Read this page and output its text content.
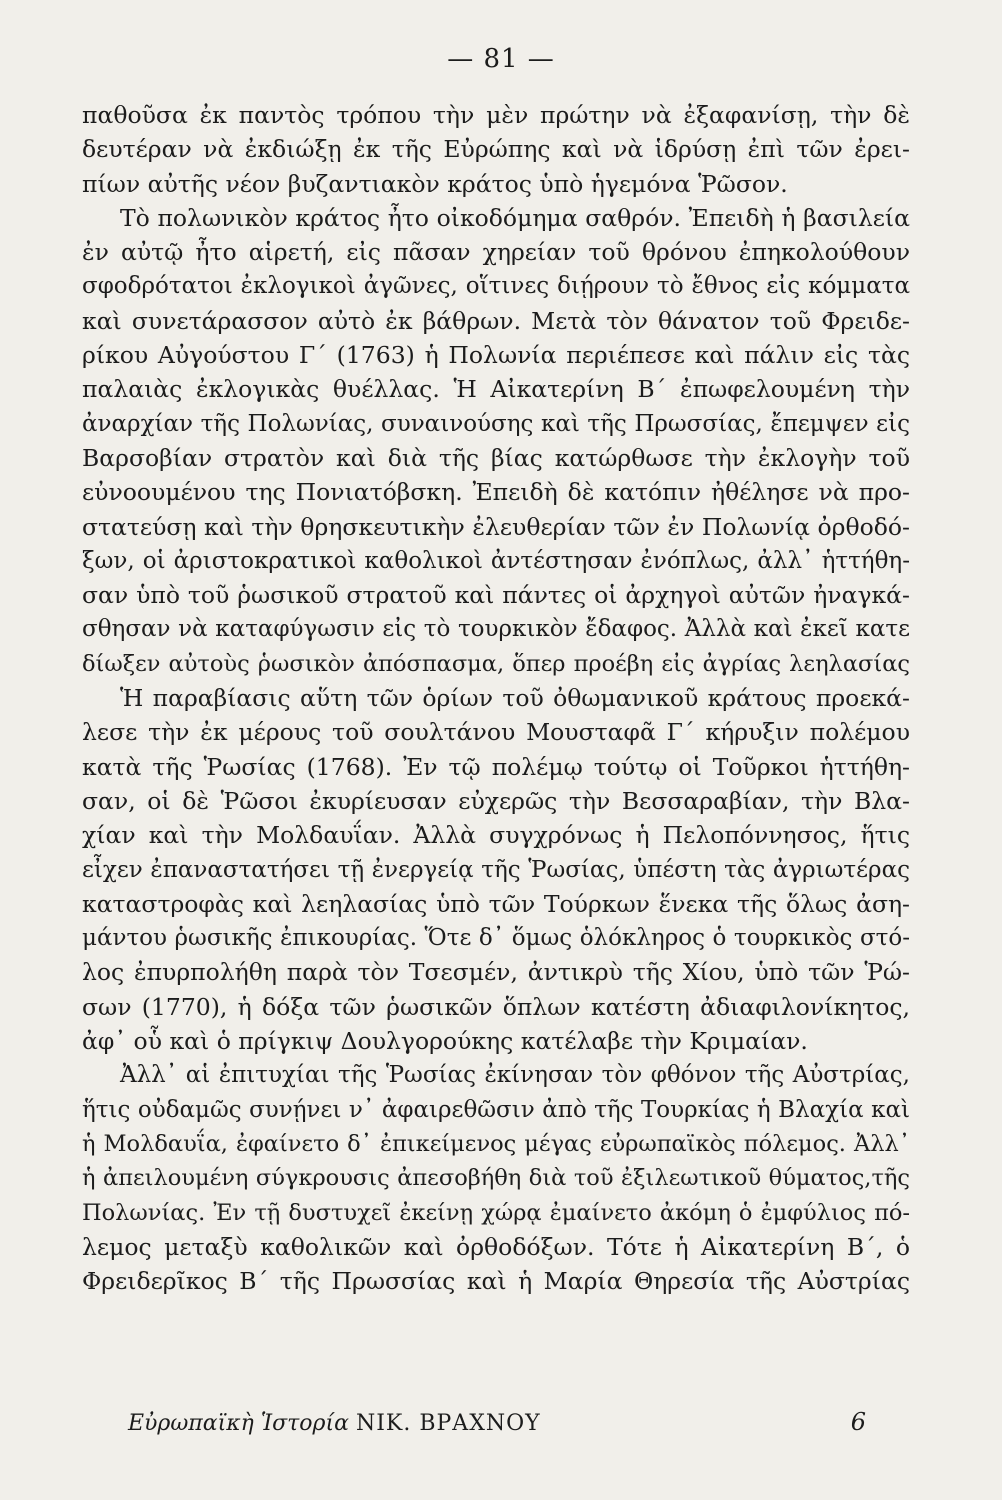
— 81 —
παθοῦσα ἐκ παντὸς τρόπου τὴν μὲν πρώτην νὰ ἐξαφανίσῃ, τὴν δὲ
δευτέραν νὰ ἐκδιώξῃ ἐκ τῆς Εὐρώπης καὶ νὰ ἱδρύσῃ ἐπὶ τῶν ἐρει-
πίων αὐτῆς νέον βυζαντιακὸν κράτος ὑπὸ ἡγεμόνα Ῥῶσον.
Τὸ πολωνικὸν κράτος ἦτο οἰκοδόμημα σαθρόν. Ἐπειδὴ ἡ βασιλεία
ἐν αὐτῷ ἦτο αἱρετή, εἰς πᾶσαν χηρείαν τοῦ θρόνου ἐπηκολούθουν
σφοδρότατοι ἐκλογικοὶ ἀγῶνες, οἵτινες διῄρουν τὸ ἔθνος εἰς κόμματα
καὶ συνετάρασσον αὐτὸ ἐκ βάθρων. Μετὰ τὸν θάνατον τοῦ Φρειδε-
ρίκου Αὐγούστου Γ΄ (1763) ἡ Πολωνία περιέπεσε καὶ πάλιν εἰς τὰς
παλαιὰς ἐκλογικὰς θυέλλας. Ἡ Αἰκατερίνη Β΄ ἐπωφελουμένη τὴν
ἀναρχίαν τῆς Πολωνίας, συναινούσης καὶ τῆς Πρωσσίας, ἔπεμψεν εἰς
Βαρσοβίαν στρατὸν καὶ διὰ τῆς βίας κατώρθωσε τὴν ἐκλογὴν τοῦ
εὐνοουμένου της Πονιατόβσκη. Ἐπειδὴ δὲ κατόπιν ἠθέλησε νὰ προ-
στατεύσῃ καὶ τὴν θρησκευτικὴν ἐλευθερίαν τῶν ἐν Πολωνίᾳ ὀρθοδό-
ξων, οἱ ἀριστοκρατικοὶ καθολικοὶ ἀντέστησαν ἐνόπλως, ἀλλ᾽ ἡττήθη-
σαν ὑπὸ τοῦ ῥωσικοῦ στρατοῦ καὶ πάντες οἱ ἀρχηγοὶ αὐτῶν ἠναγκά-
σθησαν νὰ καταφύγωσιν εἰς τὸ τουρκικὸν ἔδαφος. Ἀλλὰ καὶ ἐκεῖ κατε
δίωξεν αὐτοὺς ῥωσικὸν ἀπόσπασμα, ὅπερ προέβη εἰς ἀγρίας λεηλασίας
Ἡ παραβίασις αὕτη τῶν ὁρίων τοῦ ὀθωμανικοῦ κράτους προεκά-
λεσε τὴν ἐκ μέρους τοῦ σουλτάνου Μουσταφᾶ Γ΄ κήρυξιν πολέμου
κατὰ τῆς Ῥωσίας (1768). Ἐν τῷ πολέμῳ τούτῳ οἱ Τοῦρκοι ἡττήθη-
σαν, οἱ δὲ Ῥῶσοι ἐκυρίευσαν εὐχερῶς τὴν Βεσσαραβίαν, τὴν Βλα-
χίαν καὶ τὴν Μολδαυΐαν. Ἀλλὰ συγχρόνως ἡ Πελοπόννησος, ἥτις
εἶχεν ἐπαναστατήσει τῇ ἐνεργείᾳ τῆς Ῥωσίας, ὑπέστη τὰς ἀγριωτέρας
καταστροφὰς καὶ λεηλασίας ὑπὸ τῶν Τούρκων ἕνεκα τῆς ὅλως ἀση-
μάντου ῥωσικῆς ἐπικουρίας. Ὅτε δ᾽ ὅμως ὁλόκληρος ὁ τουρκικὸς στό-
λος ἐπυρπολήθη παρὰ τὸν Τσεσμέν, ἀντικρὺ τῆς Χίου, ὑπὸ τῶν Ῥώ-
σων (1770), ἡ δόξα τῶν ῥωσικῶν ὅπλων κατέστη ἀδιαφιλονίκητος,
ἀφ᾽ οὗ καὶ ὁ πρίγκιψ Δουλγορούκης κατέλαβε τὴν Κριμαίαν.
Ἀλλ᾽ αἱ ἐπιτυχίαι τῆς Ῥωσίας ἐκίνησαν τὸν φθόνον τῆς Αὐστρίας,
ἥτις οὐδαμῶς συνῄνει ν᾽ ἀφαιρεθῶσιν ἀπὸ τῆς Τουρκίας ἡ Βλαχία καὶ
ἡ Μολδαυΐα, ἐφαίνετο δ᾽ ἐπικείμενος μέγας εὐρωπαϊκὸς πόλεμος. Ἀλλ᾽
ἡ ἀπειλουμένη σύγκρουσις ἀπεσοβήθη διὰ τοῦ ἐξιλεωτικοῦ θύματος,τῆς
Πολωνίας. Ἐν τῇ δυστυχεῖ ἐκείνῃ χώρᾳ ἐμαίνετο ἀκόμη ὁ ἐμφύλιος πό-
λεμος μεταξὺ καθολικῶν καὶ ὀρθοδόξων. Τότε ἡ Αἰκατερίνη Β΄, ὁ
Φρειδερῖκος Β΄ τῆς Πρωσσίας καὶ ἡ Μαρία Θηρεσία τῆς Αὐστρίας
Εὐρωπαϊκὴ Ἱστορία ΝΙΚ. ΒΡΑΧΝΟΥ	6
